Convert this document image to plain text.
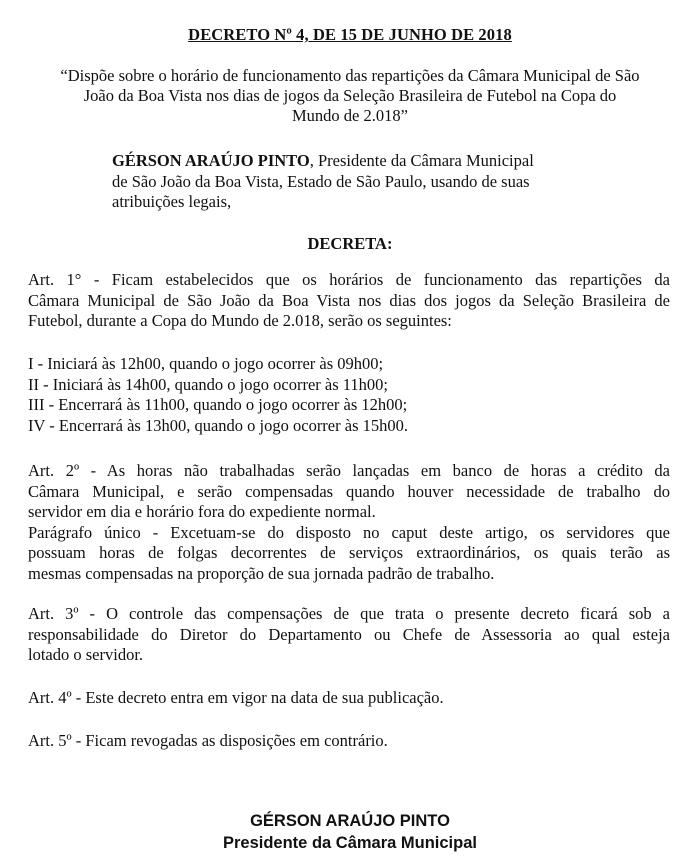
DECRETO Nº 4, DE 15 DE JUNHO DE 2018
“Dispõe sobre o horário de funcionamento das repartições da Câmara Municipal de São
João da Boa Vista nos dias de jogos da Seleção Brasileira de Futebol na Copa do
Mundo de 2.018”
GÉRSON ARAÚJO PINTO, Presidente da Câmara Municipal
de São João da Boa Vista, Estado de São Paulo, usando de suas
atribuições legais,
DECRETA:
Art. 1° - Ficam estabelecidos que os horários de funcionamento das repartições da
Câmara Municipal de São João da Boa Vista nos dias dos jogos da Seleção Brasileira de
Futebol, durante a Copa do Mundo de 2.018, serão os seguintes:
I - Iniciará às 12h00, quando o jogo ocorrer às 09h00;
II - Iniciará às 14h00, quando o jogo ocorrer às 11h00;
III - Encerrará às 11h00, quando o jogo ocorrer às 12h00;
IV - Encerrará às 13h00, quando o jogo ocorrer às 15h00.
Art. 2º - As horas não trabalhadas serão lançadas em banco de horas a crédito da
Câmara Municipal, e serão compensadas quando houver necessidade de trabalho do
servidor em dia e horário fora do expediente normal.
Parágrafo único - Excetuam-se do disposto no caput deste artigo, os servidores que
possuam horas de folgas decorrentes de serviços extraordinários, os quais terão as
mesmas compensadas na proporção de sua jornada padrão de trabalho.
Art. 3º - O controle das compensações de que trata o presente decreto ficará sob a
responsabilidade do Diretor do Departamento ou Chefe de Assessoria ao qual esteja
lotado o servidor.
Art. 4º - Este decreto entra em vigor na data de sua publicação.
Art. 5º - Ficam revogadas as disposições em contrário.
GÉRSON ARAÚJO PINTO
Presidente da Câmara Municipal
